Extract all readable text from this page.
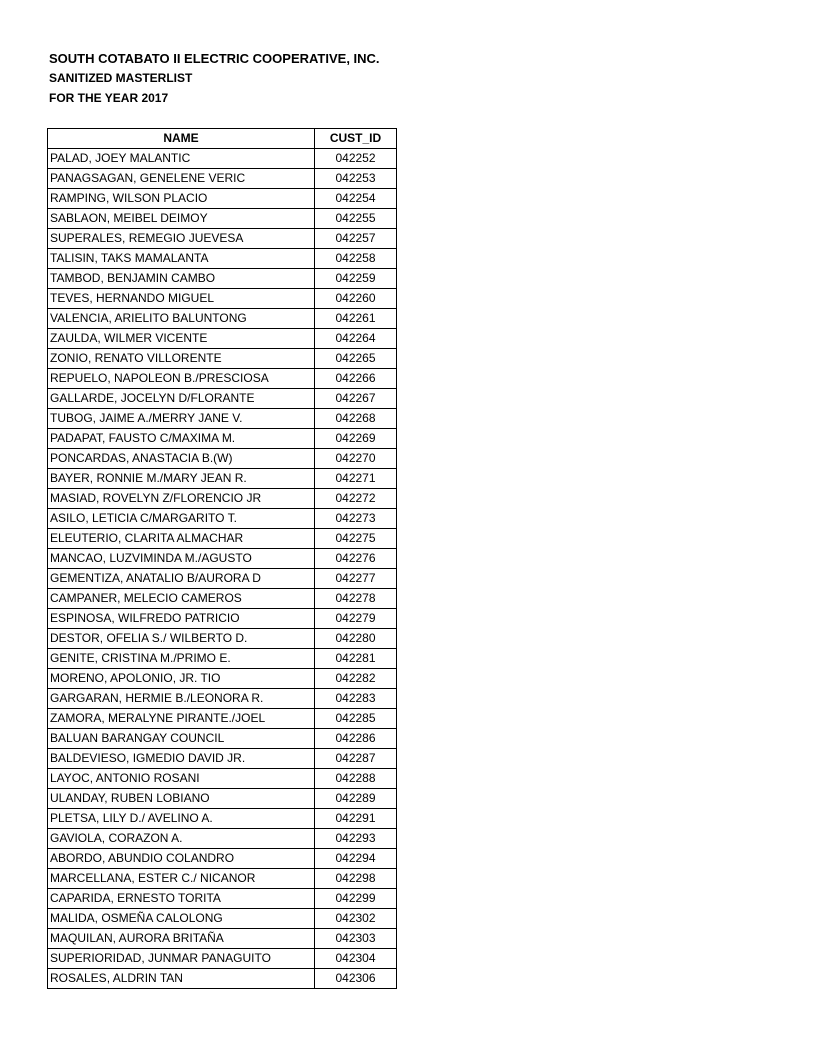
SOUTH COTABATO II ELECTRIC COOPERATIVE, INC.
SANITIZED MASTERLIST
FOR THE YEAR 2017
NAME	CUST_ID
PALAD, JOEY MALANTIC	042252
PANAGSAGAN, GENELENE VERIC	042253
RAMPING, WILSON PLACIO	042254
SABLAON, MEIBEL DEIMOY	042255
SUPERALES, REMEGIO JUEVESA	042257
TALISIN, TAKS MAMALANTA	042258
TAMBOD, BENJAMIN CAMBO	042259
TEVES, HERNANDO MIGUEL	042260
VALENCIA, ARIELITO BALUNTONG	042261
ZAULDA, WILMER VICENTE	042264
ZONIO, RENATO VILLORENTE	042265
REPUELO, NAPOLEON B./PRESCIOSA	042266
GALLARDE, JOCELYN D/FLORANTE	042267
TUBOG, JAIME A./MERRY JANE V.	042268
PADAPAT, FAUSTO C/MAXIMA M.	042269
PONCARDAS, ANASTACIA B.(W)	042270
BAYER, RONNIE M./MARY JEAN R.	042271
MASIAD, ROVELYN Z/FLORENCIO JR	042272
ASILO, LETICIA C/MARGARITO T.	042273
ELEUTERIO, CLARITA ALMACHAR	042275
MANCAO, LUZVIMINDA M./AGUSTO	042276
GEMENTIZA, ANATALIO B/AURORA D	042277
CAMPANER, MELECIO CAMEROS	042278
ESPINOSA, WILFREDO PATRICIO	042279
DESTOR, OFELIA S./ WILBERTO D.	042280
GENITE, CRISTINA M./PRIMO E.	042281
MORENO, APOLONIO, JR. TIO	042282
GARGARAN, HERMIE B./LEONORA R.	042283
ZAMORA, MERALYNE PIRANTE./JOEL	042285
BALUAN BARANGAY COUNCIL	042286
BALDEVIESO, IGMEDIO DAVID JR.	042287
LAYOC, ANTONIO ROSANI	042288
ULANDAY, RUBEN LOBIANO	042289
PLETSA, LILY D./ AVELINO A.	042291
GAVIOLA, CORAZON A.	042293
ABORDO, ABUNDIO COLANDRO	042294
MARCELLANA, ESTER C./ NICANOR	042298
CAPARIDA, ERNESTO TORITA	042299
MALIDA, OSMEÑA CALOLONG	042302
MAQUILAN, AURORA BRITAÑA	042303
SUPERIORIDAD, JUNMAR PANAGUITO	042304
ROSALES, ALDRIN TAN	042306
